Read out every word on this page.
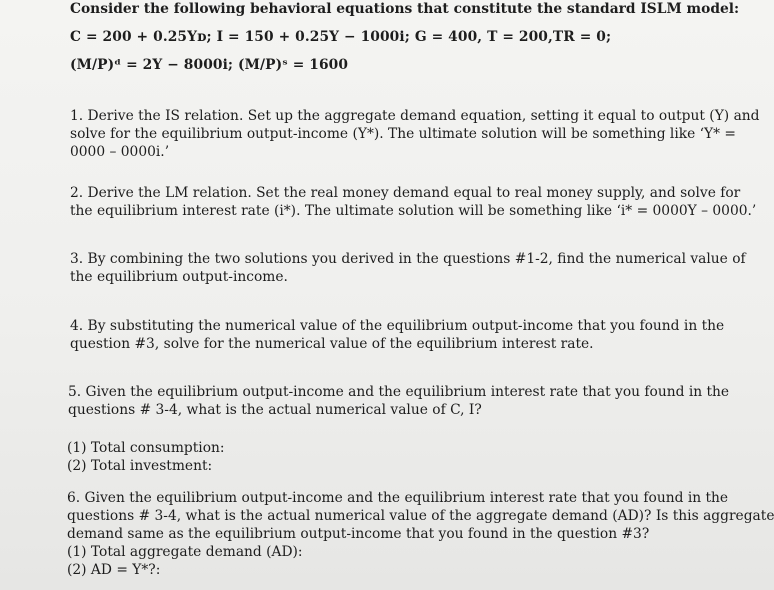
Consider the following behavioral equations that constitute the standard ISLM model:
C = 200 + 0.25Yᴅ; I = 150 + 0.25Y − 1000i; G = 400, T = 200,TR = 0;
(M/P)ᵈ = 2Y − 8000i; (M/P)ˢ = 1600
1. Derive the IS relation. Set up the aggregate demand equation, setting it equal to output (Y) and
solve for the equilibrium output-income (Y*). The ultimate solution will be something like ‘Y* =
0000 – 0000i.’
2. Derive the LM relation. Set the real money demand equal to real money supply, and solve for
the equilibrium interest rate (i*). The ultimate solution will be something like ‘i* = 0000Y – 0000.’
3. By combining the two solutions you derived in the questions #1-2, find the numerical value of
the equilibrium output-income.
4. By substituting the numerical value of the equilibrium output-income that you found in the
question #3, solve for the numerical value of the equilibrium interest rate.
5. Given the equilibrium output-income and the equilibrium interest rate that you found in the
questions # 3-4, what is the actual numerical value of C, I?
(1) Total consumption:
(2) Total investment:
6. Given the equilibrium output-income and the equilibrium interest rate that you found in the
questions # 3-4, what is the actual numerical value of the aggregate demand (AD)? Is this aggregate
demand same as the equilibrium output-income that you found in the question #3?
(1) Total aggregate demand (AD):
(2) AD = Y*?:
